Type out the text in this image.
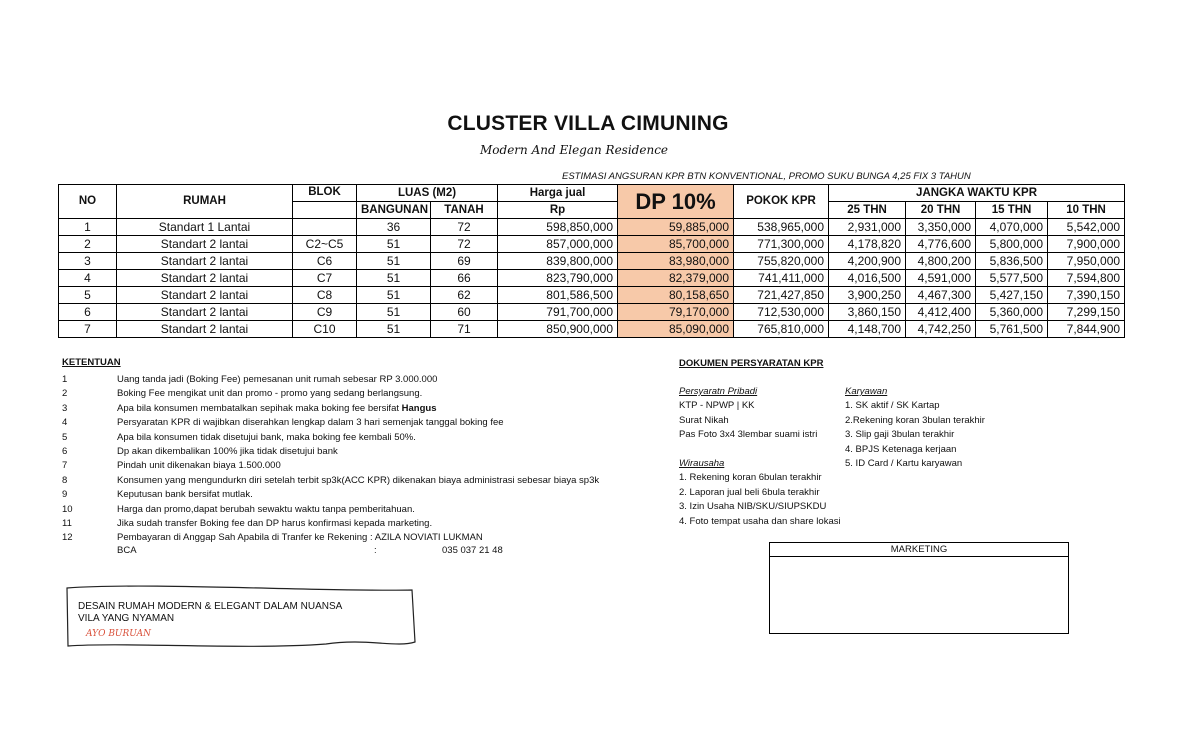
CLUSTER VILLA CIMUNING
Modern And Elegan Residence
ESTIMASI ANGSURAN KPR BTN KONVENTIONAL, PROMO SUKU BUNGA 4,25 FIX 3 TAHUN
NO	RUMAH	BLOK	LUAS (M2)		Harga jual	DP 10%	POKOK KPR	JANGKA WAKTU KPR			
			BANGUNAN	TANAH	Rp			25 THN	20 THN	15 THN	10 THN
1	Standart 1 Lantai		36	72	598,850,000	59,885,000	538,965,000	2,931,000	3,350,000	4,070,000	5,542,000
2	Standart 2 lantai	C2~C5	51	72	857,000,000	85,700,000	771,300,000	4,178,820	4,776,600	5,800,000	7,900,000
3	Standart 2 lantai	C6	51	69	839,800,000	83,980,000	755,820,000	4,200,900	4,800,200	5,836,500	7,950,000
4	Standart 2 lantai	C7	51	66	823,790,000	82,379,000	741,411,000	4,016,500	4,591,000	5,577,500	7,594,800
5	Standart 2 lantai	C8	51	62	801,586,500	80,158,650	721,427,850	3,900,250	4,467,300	5,427,150	7,390,150
6	Standart 2 lantai	C9	51	60	791,700,000	79,170,000	712,530,000	3,860,150	4,412,400	5,360,000	7,299,150
7	Standart 2 lantai	C10	51	71	850,900,000	85,090,000	765,810,000	4,148,700	4,742,250	5,761,500	7,844,900
KETENTUAN
1	Uang tanda jadi (Boking Fee) pemesanan unit rumah sebesar RP 3.000.000
2	Boking Fee mengikat unit dan promo - promo yang sedang berlangsung.
3	Apa bila konsumen membatalkan sepihak maka boking fee bersifat Hangus
4	Persyaratan KPR di wajibkan diserahkan lengkap dalam 3 hari semenjak tanggal boking fee
5	Apa bila konsumen tidak disetujui bank, maka boking fee kembali 50%.
6	Dp akan dikembalikan 100% jika tidak disetujui bank
7	Pindah unit dikenakan biaya 1.500.000
8	Konsumen yang mengundurkn diri setelah terbit sp3k(ACC KPR) dikenakan biaya administrasi sebesar biaya sp3k
9	Keputusan bank bersifat mutlak.
10	Harga dan promo,dapat berubah sewaktu waktu tanpa pemberitahuan.
11	Jika sudah transfer Boking fee dan DP harus konfirmasi kepada marketing.
12	Pembayaran di Anggap Sah Apabila di Tranfer ke Rekening : AZILA NOVIATI LUKMAN
BCA	:	035 037 21 48
DOKUMEN PERSYARATAN KPR
Persyaratn Pribadi
KTP - NPWP | KK
Surat Nikah
Pas Foto 3x4 3lembar suami istri
Wirausaha
1. Rekening koran 6bulan terakhir
2. Laporan jual beli 6bula terakhir
3. Izin Usaha NIB/SKU/SIUPSKDU
4. Foto tempat usaha dan share lokasi
Karyawan
1. SK aktif / SK Kartap
2.Rekening koran 3bulan terakhir
3. Slip gaji 3bulan terakhir
4. BPJS Ketenaga kerjaan
5. ID Card / Kartu karyawan
MARKETING
DESAIN RUMAH MODERN & ELEGANT DALAM NUANSA
VILA YANG NYAMAN
AYO BURUAN
